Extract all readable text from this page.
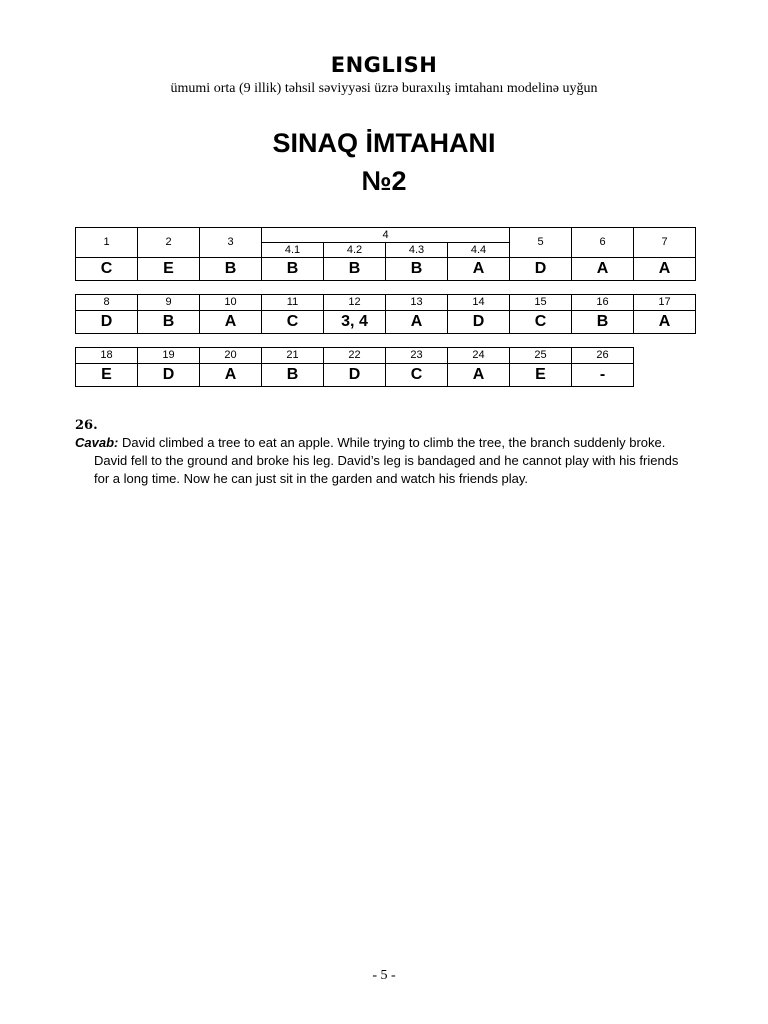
ENGLISH
ümumi orta (9 illik) təhsil səviyyəsi üzrə buraxılış imtahanı modelinə uyğun
SINAQ İMTAHANI
№2
1	2	3	4				5	6	7
			4.1	4.2	4.3	4.4			
C	E	B	B	B	B	A	D	A	A
8	9	10	11	12	13	14	15	16	17
D	B	A	C	3, 4	A	D	C	B	A
18	19	20	21	22	23	24	25	26
E	D	A	B	D	C	A	E	-
26.
Cavab: David climbed a tree to eat an apple. While trying to climb the tree, the branch suddenly broke. David fell to the ground and broke his leg. David’s leg is bandaged and he cannot play with his friends for a long time. Now he can just sit in the garden and watch his friends play.
- 5 -
